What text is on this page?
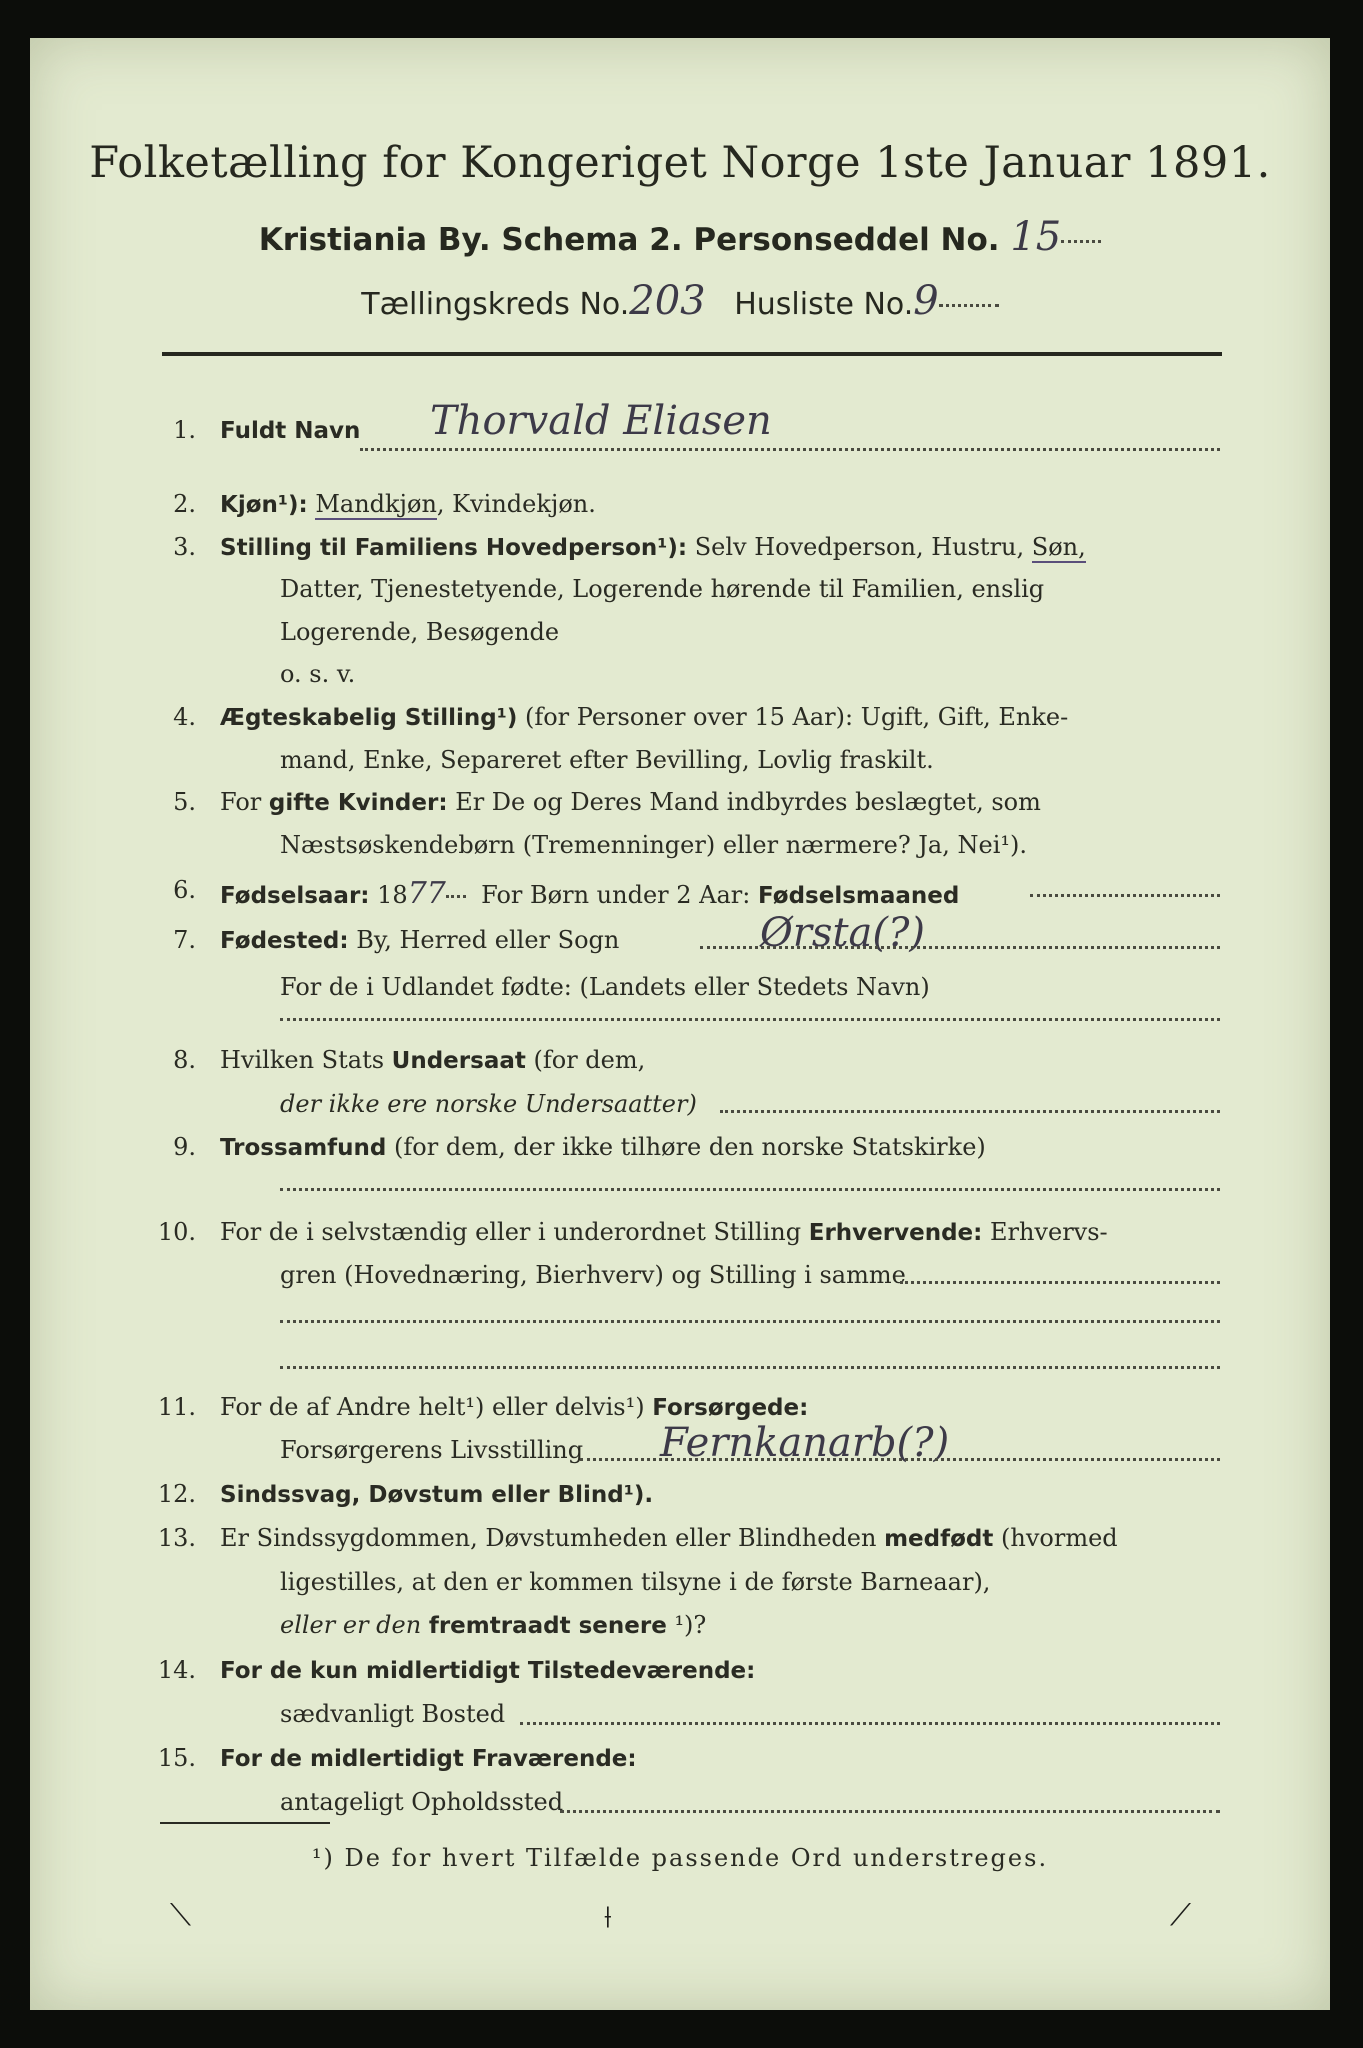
Folketælling for Kongeriget Norge 1ste Januar 1891.
Kristiania By. Schema 2. Personseddel No. 15
Tællingskreds No.203 Husliste No.9
1. Fuldt Navn	Thorvald Eliasen
2. Kjøn¹): Mandkjøn, Kvindekjøn.
3. Stilling til Familiens Hovedperson¹): Selv Hovedperson, Hustru, Søn,
Datter, Tjenestetyende, Logerende hørende til Familien, enslig
Logerende, Besøgende
o. s. v.
4. Ægteskabelig Stilling¹) (for Personer over 15 Aar): Ugift, Gift, Enke-
mand, Enke, Separeret efter Bevilling, Lovlig fraskilt.
5. For gifte Kvinder: Er De og Deres Mand indbyrdes beslægtet, som
Næstsøskendebørn (Tremenninger) eller nærmere? Ja, Nei¹).
6. Fødselsaar: 1877 For Børn under 2 Aar: Fødselsmaaned
7. Fødested: By, Herred eller Sogn	Ørsta(?)
For de i Udlandet fødte: (Landets eller Stedets Navn)
8. Hvilken Stats Undersaat (for dem,
der ikke ere norske Undersaatter)
9. Trossamfund (for dem, der ikke tilhøre den norske Statskirke)
10. For de i selvstændig eller i underordnet Stilling Erhvervende: Erhvervs-
gren (Hovednæring, Bierhverv) og Stilling i samme
11. For de af Andre helt¹) eller delvis¹) Forsørgede:
Forsørgerens Livsstilling	Fernkanarb(?)
12. Sindssvag, Døvstum eller Blind¹).
13. Er Sindssygdommen, Døvstumheden eller Blindheden medfødt (hvormed
ligestilles, at den er kommen tilsyne i de første Barneaar),
eller er den fremtraadt senere ¹)?
14. For de kun midlertidigt Tilstedeværende:
sædvanligt Bosted
15. For de midlertidigt Fraværende:
antageligt Opholdssted
¹) De for hvert Tilfælde passende Ord understreges.
⟍	⟊	⟋
